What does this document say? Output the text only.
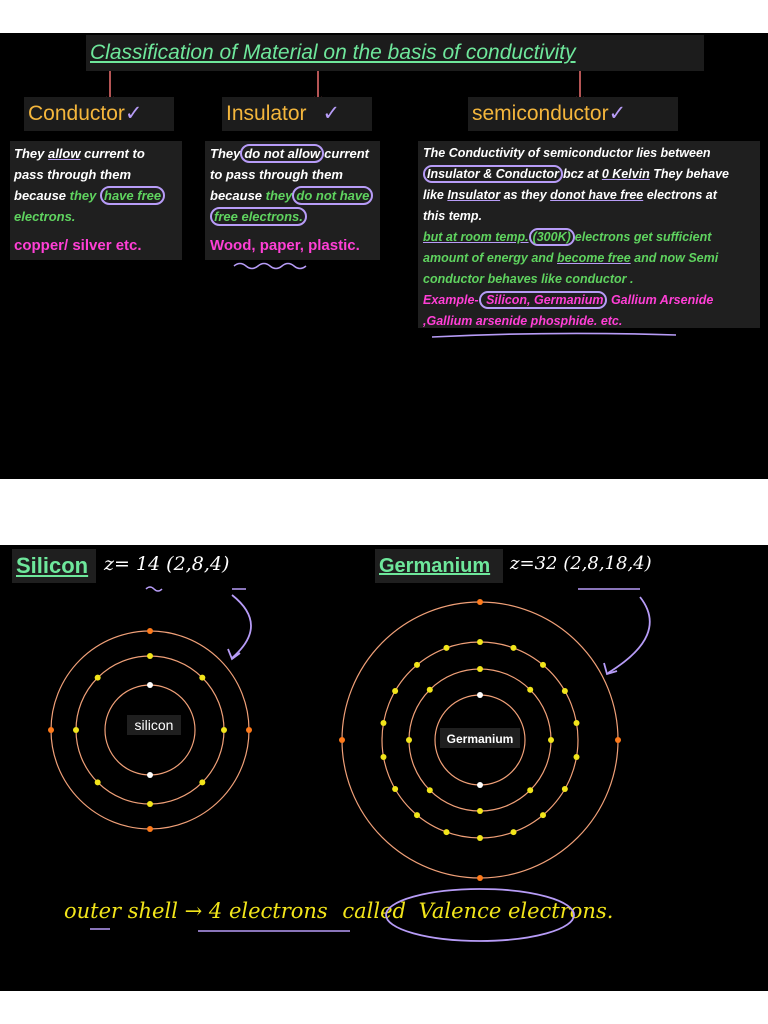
Classification of Material on the basis of conductivity
Conductor✓	Insulator ✓	semiconductor✓
They allow current to
pass through them
because they have free
electrons.
copper/ silver etc.
They do not allow current
to pass through them
because they do not have
free electrons.
Wood, paper, plastic.
The Conductivity of semiconductor lies between
Insulator & Conductor bcz at 0 Kelvin They behave
like Insulator as they donot have free electrons at
this temp.
but at room temp. (300K) electrons get sufficient
amount of energy and become free and now Semi
conductor behaves like conductor .
Example- Silicon, Germanium Gallium Arsenide
,Gallium arsenide phosphide. etc.
Silicon z= 14 (2,8,4)	Germanium z=32 (2,8,18,4)
silicon
Germanium
outer shell → 4 electrons called Valence electrons.
